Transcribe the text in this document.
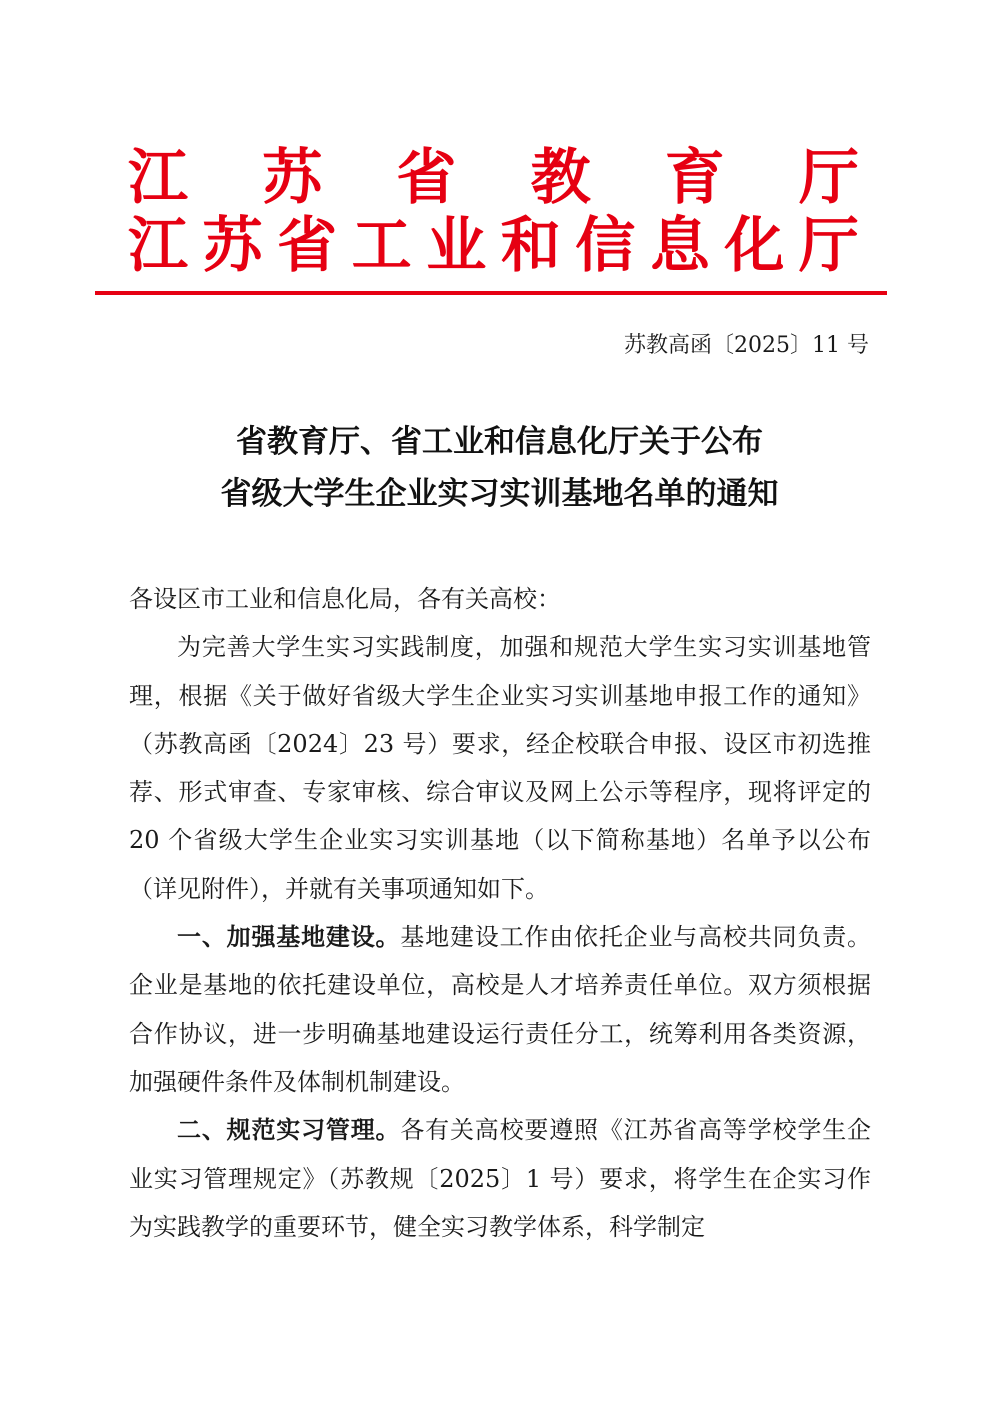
江 苏 省 教 育 厅
江 苏 省 工 业 和 信 息 化 厅
苏教高函〔2025〕11 号
省教育厅、省工业和信息化厅关于公布
省级大学生企业实习实训基地名单的通知

各设区市工业和信息化局，各有关高校：

为完善大学生实习实践制度，加强和规范大学生实习实训基地管理，根据《关于做好省级大学生企业实习实训基地申报工作的通知》（苏教高函〔2024〕23 号）要求，经企校联合申报、设区市初选推荐、形式审查、专家审核、综合审议及网上公示等程序，现将评定的 20 个省级大学生企业实习实训基地（以下简称基地）名单予以公布（详见附件），并就有关事项通知如下。

一、加强基地建设。基地建设工作由依托企业与高校共同负责。企业是基地的依托建设单位，高校是人才培养责任单位。双方须根据合作协议，进一步明确基地建设运行责任分工，统筹利用各类资源，加强硬件条件及体制机制建设。

二、规范实习管理。各有关高校要遵照《江苏省高等学校学生企业实习管理规定》（苏教规〔2025〕1 号）要求，将学生在企实习作为实践教学的重要环节，健全实习教学体系，科学制定
